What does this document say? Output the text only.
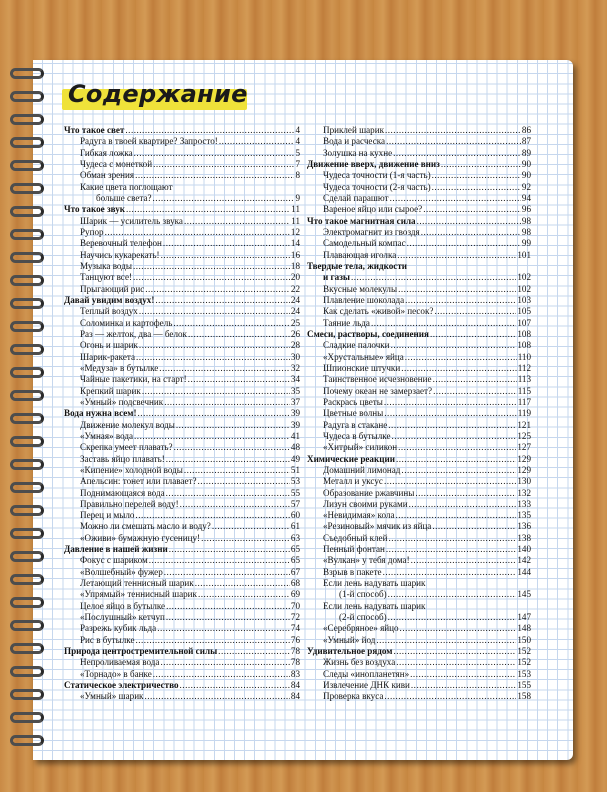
Содержание
Что такое свет .....	4
Радуга в твоей квартире? Запросто! .....	4
Гибкая ложка .....	5
Чудеса с монеткой .....	7
Обман зрения .....	8
Какие цвета поглощают
больше света? .....	9
Что такое звук .....	11
Шарик — усилитель звука .....	11
Рупор .....	12
Веревочный телефон .....	14
Научись кукарекать! .....	16
Музыка воды .....	18
Танцуют все! .....	20
Прыгающий рис .....	22
Давай увидим воздух! .....	24
Теплый воздух .....	24
Соломинка и картофель .....	25
Раз — желток, два — белок .....	26
Огонь и шарик .....	28
Шарик-ракета .....	30
«Медуза» в бутылке .....	32
Чайные пакетики, на старт! .....	34
Крепкий шарик .....	35
«Умный» подсвечник .....	37
Вода нужна всем! .....	39
Движение молекул воды .....	39
«Умная» вода .....	41
Скрепка умеет плавать? .....	48
Заставь яйцо плавать! .....	49
«Кипение» холодной воды .....	51
Апельсин: тонет или плавает? .....	53
Поднимающаяся вода .....	55
Правильно перелей воду! .....	57
Перец и мыло .....	60
Можно ли смешать масло и воду? .....	61
«Оживи» бумажную гусеницу! .....	63
Давление в нашей жизни .....	65
Фокус с шариком .....	65
«Волшебный» фужер .....	67
Летающий теннисный шарик .....	68
«Упрямый» теннисный шарик .....	69
Целое яйцо в бутылке .....	70
«Послушный» кетчуп .....	72
Разрежь кубик льда .....	74
Рис в бутылке .....	76
Природа центростремительной силы .....	78
Непроливаемая вода .....	78
«Торнадо» в банке .....	83
Статическое электричество .....	84
«Умный» шарик .....	84
Приклей шарик .....	86
Вода и расческа .....	87
Золушка на кухне .....	89
Движение вверх, движение вниз .....	90
Чудеса точности (1-я часть) .....	90
Чудеса точности (2-я часть) .....	92
Сделай парашют .....	94
Вареное яйцо или сырое? .....	96
Что такое магнитная сила .....	98
Электромагнит из гвоздя .....	98
Самодельный компас .....	99
Плавающая иголка .....	101
Твердые тела, жидкости
и газы .....	102
Вкусные молекулы .....	102
Плавление шоколада .....	103
Как сделать «живой» песок? .....	105
Таяние льда .....	107
Смеси, растворы, соединения .....	108
Сладкие палочки .....	108
«Хрустальные» яйца .....	110
Шпионские штучки .....	112
Таинственное исчезновение .....	113
Почему океан не замерзает? .....	115
Раскрась цветы .....	117
Цветные волны .....	119
Радуга в стакане .....	121
Чудеса в бутылке .....	125
«Хитрый» силикон .....	127
Химические реакции .....	129
Домашний лимонад .....	129
Металл и уксус .....	130
Образование ржавчины .....	132
Лизун своими руками .....	133
«Невидимая» кола .....	135
«Резиновый» мячик из яйца .....	136
Съедобный клей .....	138
Пенный фонтан .....	140
«Вулкан» у тебя дома! .....	142
Взрыв в пакете .....	144
Если лень надувать шарик
(1-й способ) .....	145
Если лень надувать шарик
(2-й способ) .....	147
«Серебряное» яйцо .....	148
«Умный» йод .....	150
Удивительное рядом .....	152
Жизнь без воздуха .....	152
Следы «инопланетян» .....	153
Извлечение ДНК киви .....	155
Проверка вкуса .....	158
